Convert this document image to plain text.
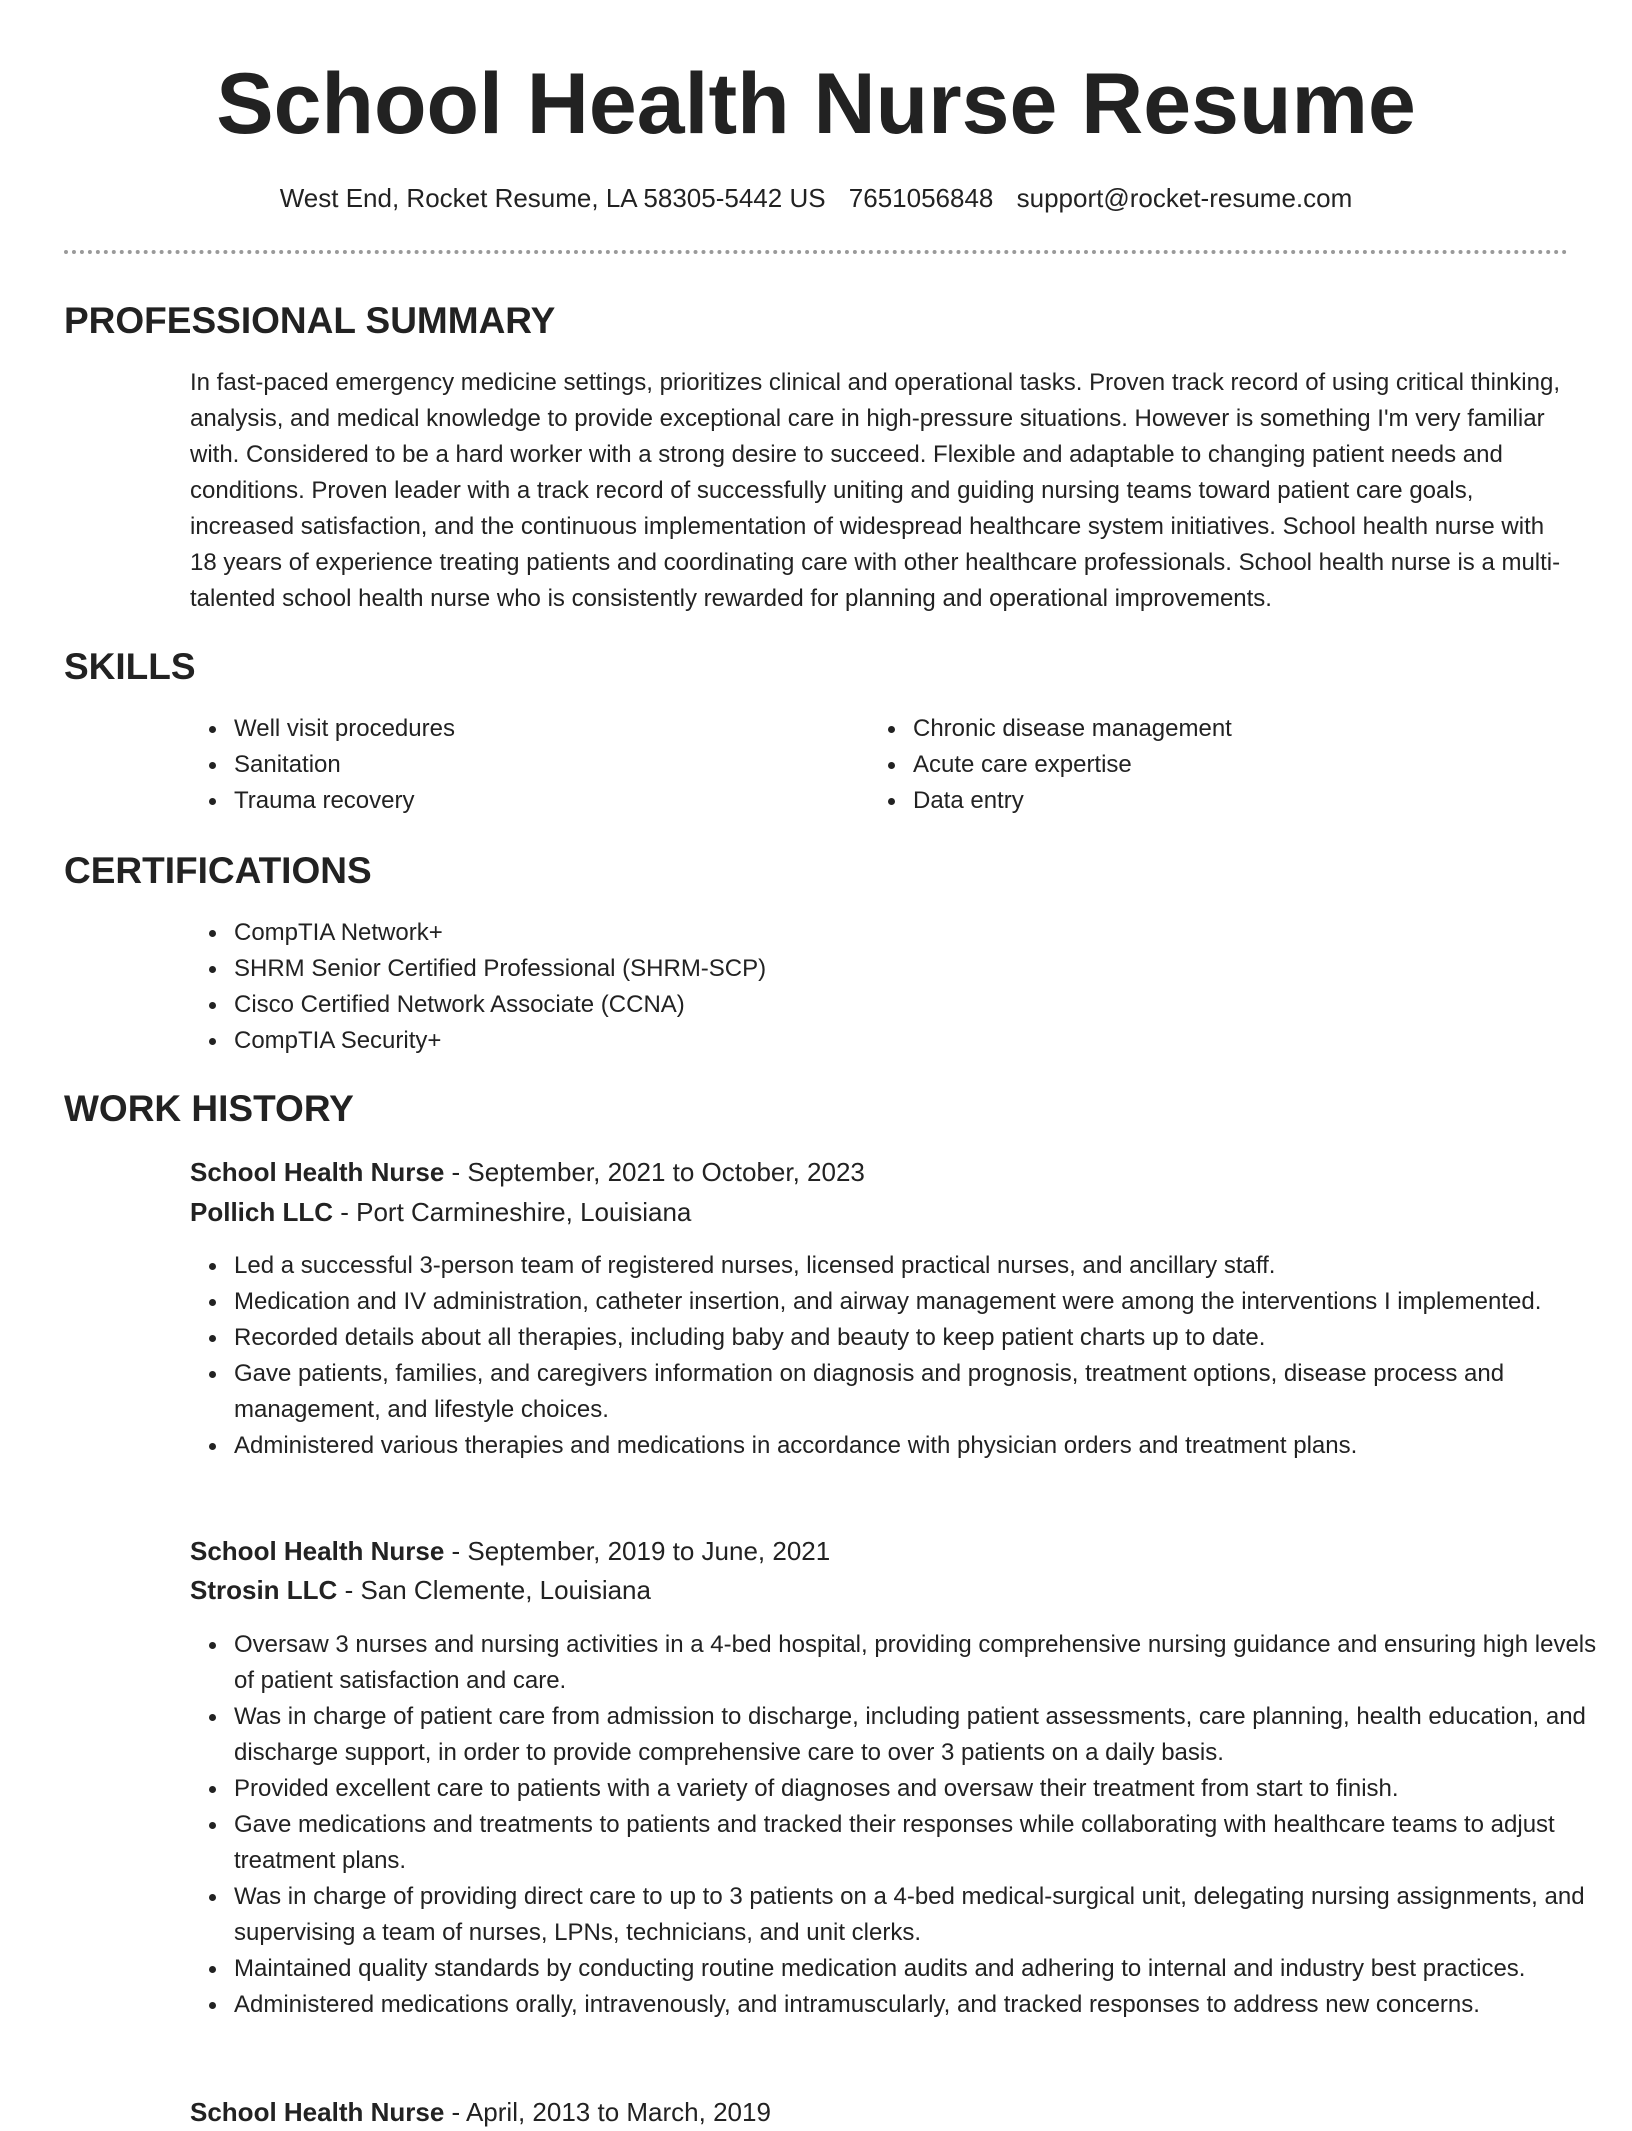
School Health Nurse Resume
West End, Rocket Resume, LA 58305-5442 US 7651056848 support@rocket-resume.com
PROFESSIONAL SUMMARY

In fast-paced emergency medicine settings, prioritizes clinical and operational tasks. Proven track record of using critical thinking, analysis, and medical knowledge to provide exceptional care in high-pressure situations. However is something I'm very familiar with. Considered to be a hard worker with a strong desire to succeed. Flexible and adaptable to changing patient needs and conditions. Proven leader with a track record of successfully uniting and guiding nursing teams toward patient care goals, increased satisfaction, and the continuous implementation of widespread healthcare system initiatives. School health nurse with 18 years of experience treating patients and coordinating care with other healthcare professionals. School health nurse is a multi-talented school health nurse who is consistently rewarded for planning and operational improvements.

SKILLS
Well visit procedures
Sanitation
Trauma recovery
Chronic disease management
Acute care expertise
Data entry
CERTIFICATIONS
CompTIA Network+
SHRM Senior Certified Professional (SHRM-SCP)
Cisco Certified Network Associate (CCNA)
CompTIA Security+
WORK HISTORY
School Health Nurse - September, 2021 to October, 2023
Pollich LLC - Port Carmineshire, Louisiana
Led a successful 3-person team of registered nurses, licensed practical nurses, and ancillary staff.
Medication and IV administration, catheter insertion, and airway management were among the interventions I implemented.
Recorded details about all therapies, including baby and beauty to keep patient charts up to date.
Gave patients, families, and caregivers information on diagnosis and prognosis, treatment options, disease process and management, and lifestyle choices.
Administered various therapies and medications in accordance with physician orders and treatment plans.
School Health Nurse - September, 2019 to June, 2021
Strosin LLC - San Clemente, Louisiana
Oversaw 3 nurses and nursing activities in a 4-bed hospital, providing comprehensive nursing guidance and ensuring high levels of patient satisfaction and care.
Was in charge of patient care from admission to discharge, including patient assessments, care planning, health education, and discharge support, in order to provide comprehensive care to over 3 patients on a daily basis.
Provided excellent care to patients with a variety of diagnoses and oversaw their treatment from start to finish.
Gave medications and treatments to patients and tracked their responses while collaborating with healthcare teams to adjust treatment plans.
Was in charge of providing direct care to up to 3 patients on a 4-bed medical-surgical unit, delegating nursing assignments, and supervising a team of nurses, LPNs, technicians, and unit clerks.
Maintained quality standards by conducting routine medication audits and adhering to internal and industry best practices.
Administered medications orally, intravenously, and intramuscularly, and tracked responses to address new concerns.
School Health Nurse - April, 2013 to March, 2019
